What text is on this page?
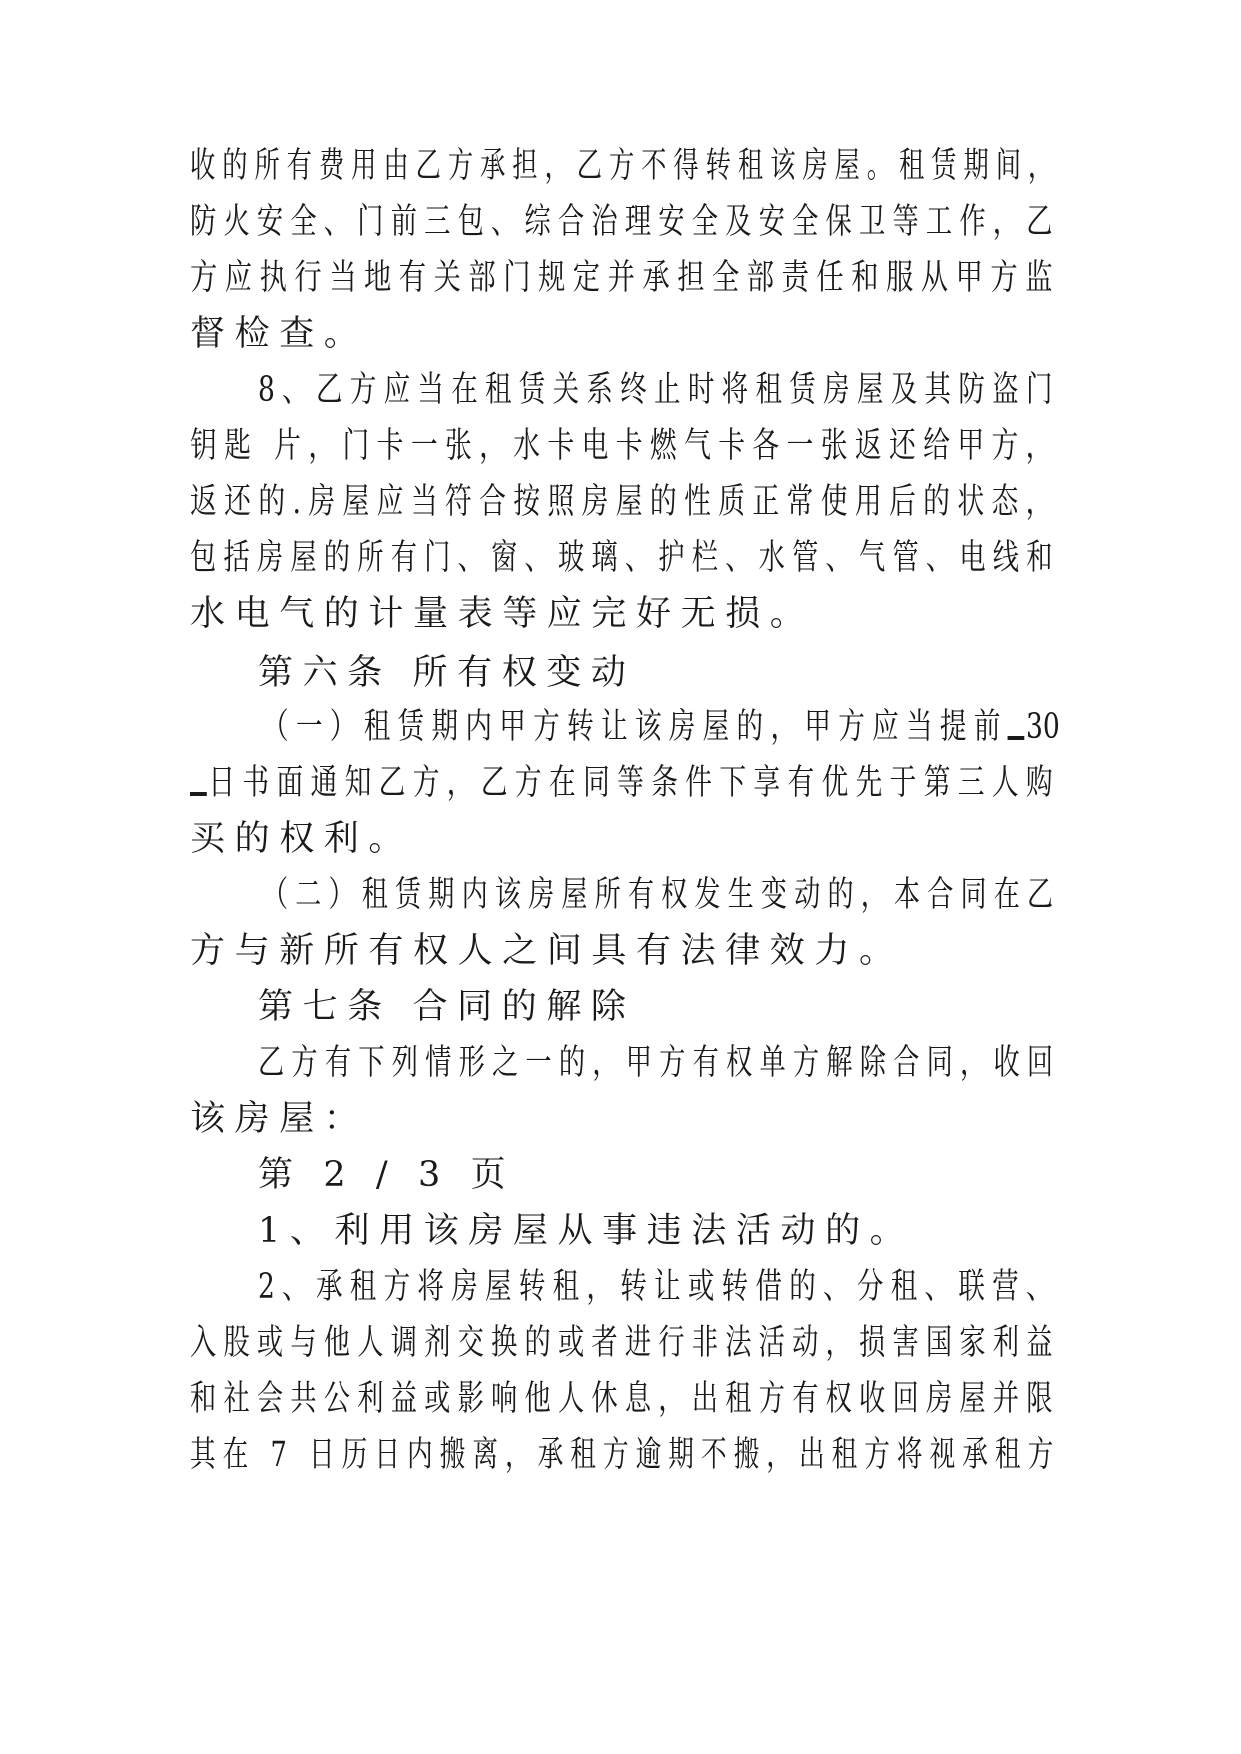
收的所有费用由乙方承担，乙方不得转租该房屋。租赁期间，
防火安全、门前三包、综合治理安全及安全保卫等工作，乙
方应执行当地有关部门规定并承担全部责任和服从甲方监
督检查。
8、乙方应当在租赁关系终止时将租赁房屋及其防盗门
钥匙 片，门卡一张，水卡电卡燃气卡各一张返还给甲方，
返还的.房屋应当符合按照房屋的性质正常使用后的状态，
包括房屋的所有门、窗、玻璃、护栏、水管、气管、电线和
水电气的计量表等应完好无损。
第六条 所有权变动
（一）租赁期内甲方转让该房屋的，甲方应当提前 30
日书面通知乙方，乙方在同等条件下享有优先于第三人购
买的权利。
（二）租赁期内该房屋所有权发生变动的，本合同在乙
方与新所有权人之间具有法律效力。
第七条 合同的解除
乙方有下列情形之一的，甲方有权单方解除合同，收回
该房屋：
第 2 / 3 页
1、利用该房屋从事违法活动的。
2、承租方将房屋转租，转让或转借的、分租、联营、
入股或与他人调剂交换的或者进行非法活动，损害国家利益
和社会共公利益或影响他人休息，出租方有权收回房屋并限
其在 7 日历日内搬离，承租方逾期不搬，出租方将视承租方
